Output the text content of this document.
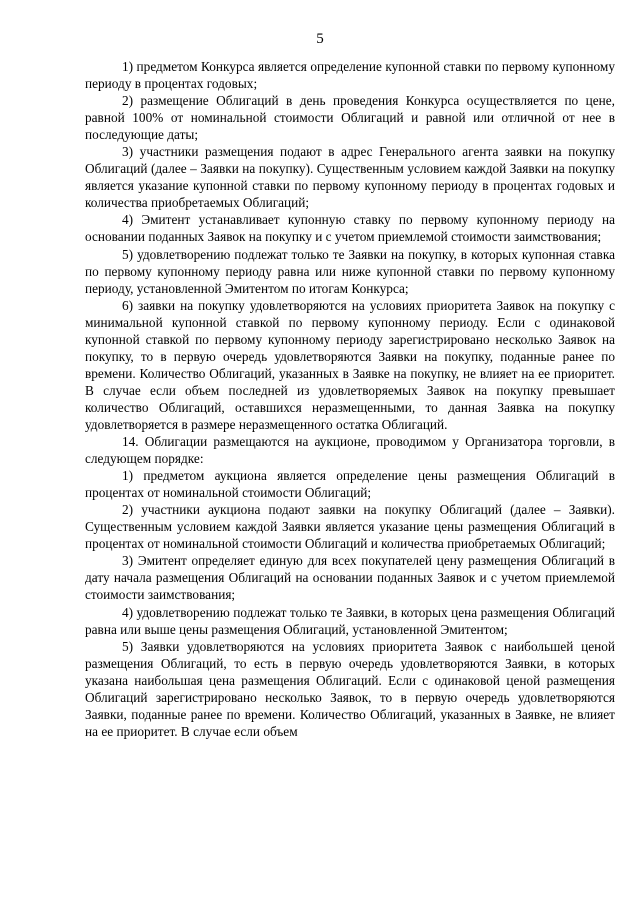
5

1) предметом Конкурса является определение купонной ставки по первому купонному периоду в процентах годовых;

2) размещение Облигаций в день проведения Конкурса осуществляется по цене, равной 100% от номинальной стоимости Облигаций и равной или отличной от нее в последующие даты;

3) участники размещения подают в адрес Генерального агента заявки на покупку Облигаций (далее – Заявки на покупку). Существенным условием каждой Заявки на покупку является указание купонной ставки по первому купонному периоду в процентах годовых и количества приобретаемых Облигаций;

4) Эмитент устанавливает купонную ставку по первому купонному периоду на основании поданных Заявок на покупку и с учетом приемлемой стоимости заимствования;

5) удовлетворению подлежат только те Заявки на покупку, в которых купонная ставка по первому купонному периоду равна или ниже купонной ставки по первому купонному периоду, установленной Эмитентом по итогам Конкурса;

6) заявки на покупку удовлетворяются на условиях приоритета Заявок на покупку с минимальной купонной ставкой по первому купонному периоду. Если с одинаковой купонной ставкой по первому купонному периоду зарегистрировано несколько Заявок на покупку, то в первую очередь удовлетворяются Заявки на покупку, поданные ранее по времени. Количество Облигаций, указанных в Заявке на покупку, не влияет на ее приоритет. В случае если объем последней из удовлетворяемых Заявок на покупку превышает количество Облигаций, оставшихся неразмещенными, то данная Заявка на покупку удовлетворяется в размере неразмещенного остатка Облигаций.

14. Облигации размещаются на аукционе, проводимом у Организатора торговли, в следующем порядке:

1) предметом аукциона является определение цены размещения Облигаций в процентах от номинальной стоимости Облигаций;

2) участники аукциона подают заявки на покупку Облигаций (далее – Заявки). Существенным условием каждой Заявки является указание цены размещения Облигаций в процентах от номинальной стоимости Облигаций и количества приобретаемых Облигаций;

3) Эмитент определяет единую для всех покупателей цену размещения Облигаций в дату начала размещения Облигаций на основании поданных Заявок и с учетом приемлемой стоимости заимствования;

4) удовлетворению подлежат только те Заявки, в которых цена размещения Облигаций равна или выше цены размещения Облигаций, установленной Эмитентом;

5) Заявки удовлетворяются на условиях приоритета Заявок с наибольшей ценой размещения Облигаций, то есть в первую очередь удовлетворяются Заявки, в которых указана наибольшая цена размещения Облигаций. Если с одинаковой ценой размещения Облигаций зарегистрировано несколько Заявок, то в первую очередь удовлетворяются Заявки, поданные ранее по времени. Количество Облигаций, указанных в Заявке, не влияет на ее приоритет. В случае если объем
